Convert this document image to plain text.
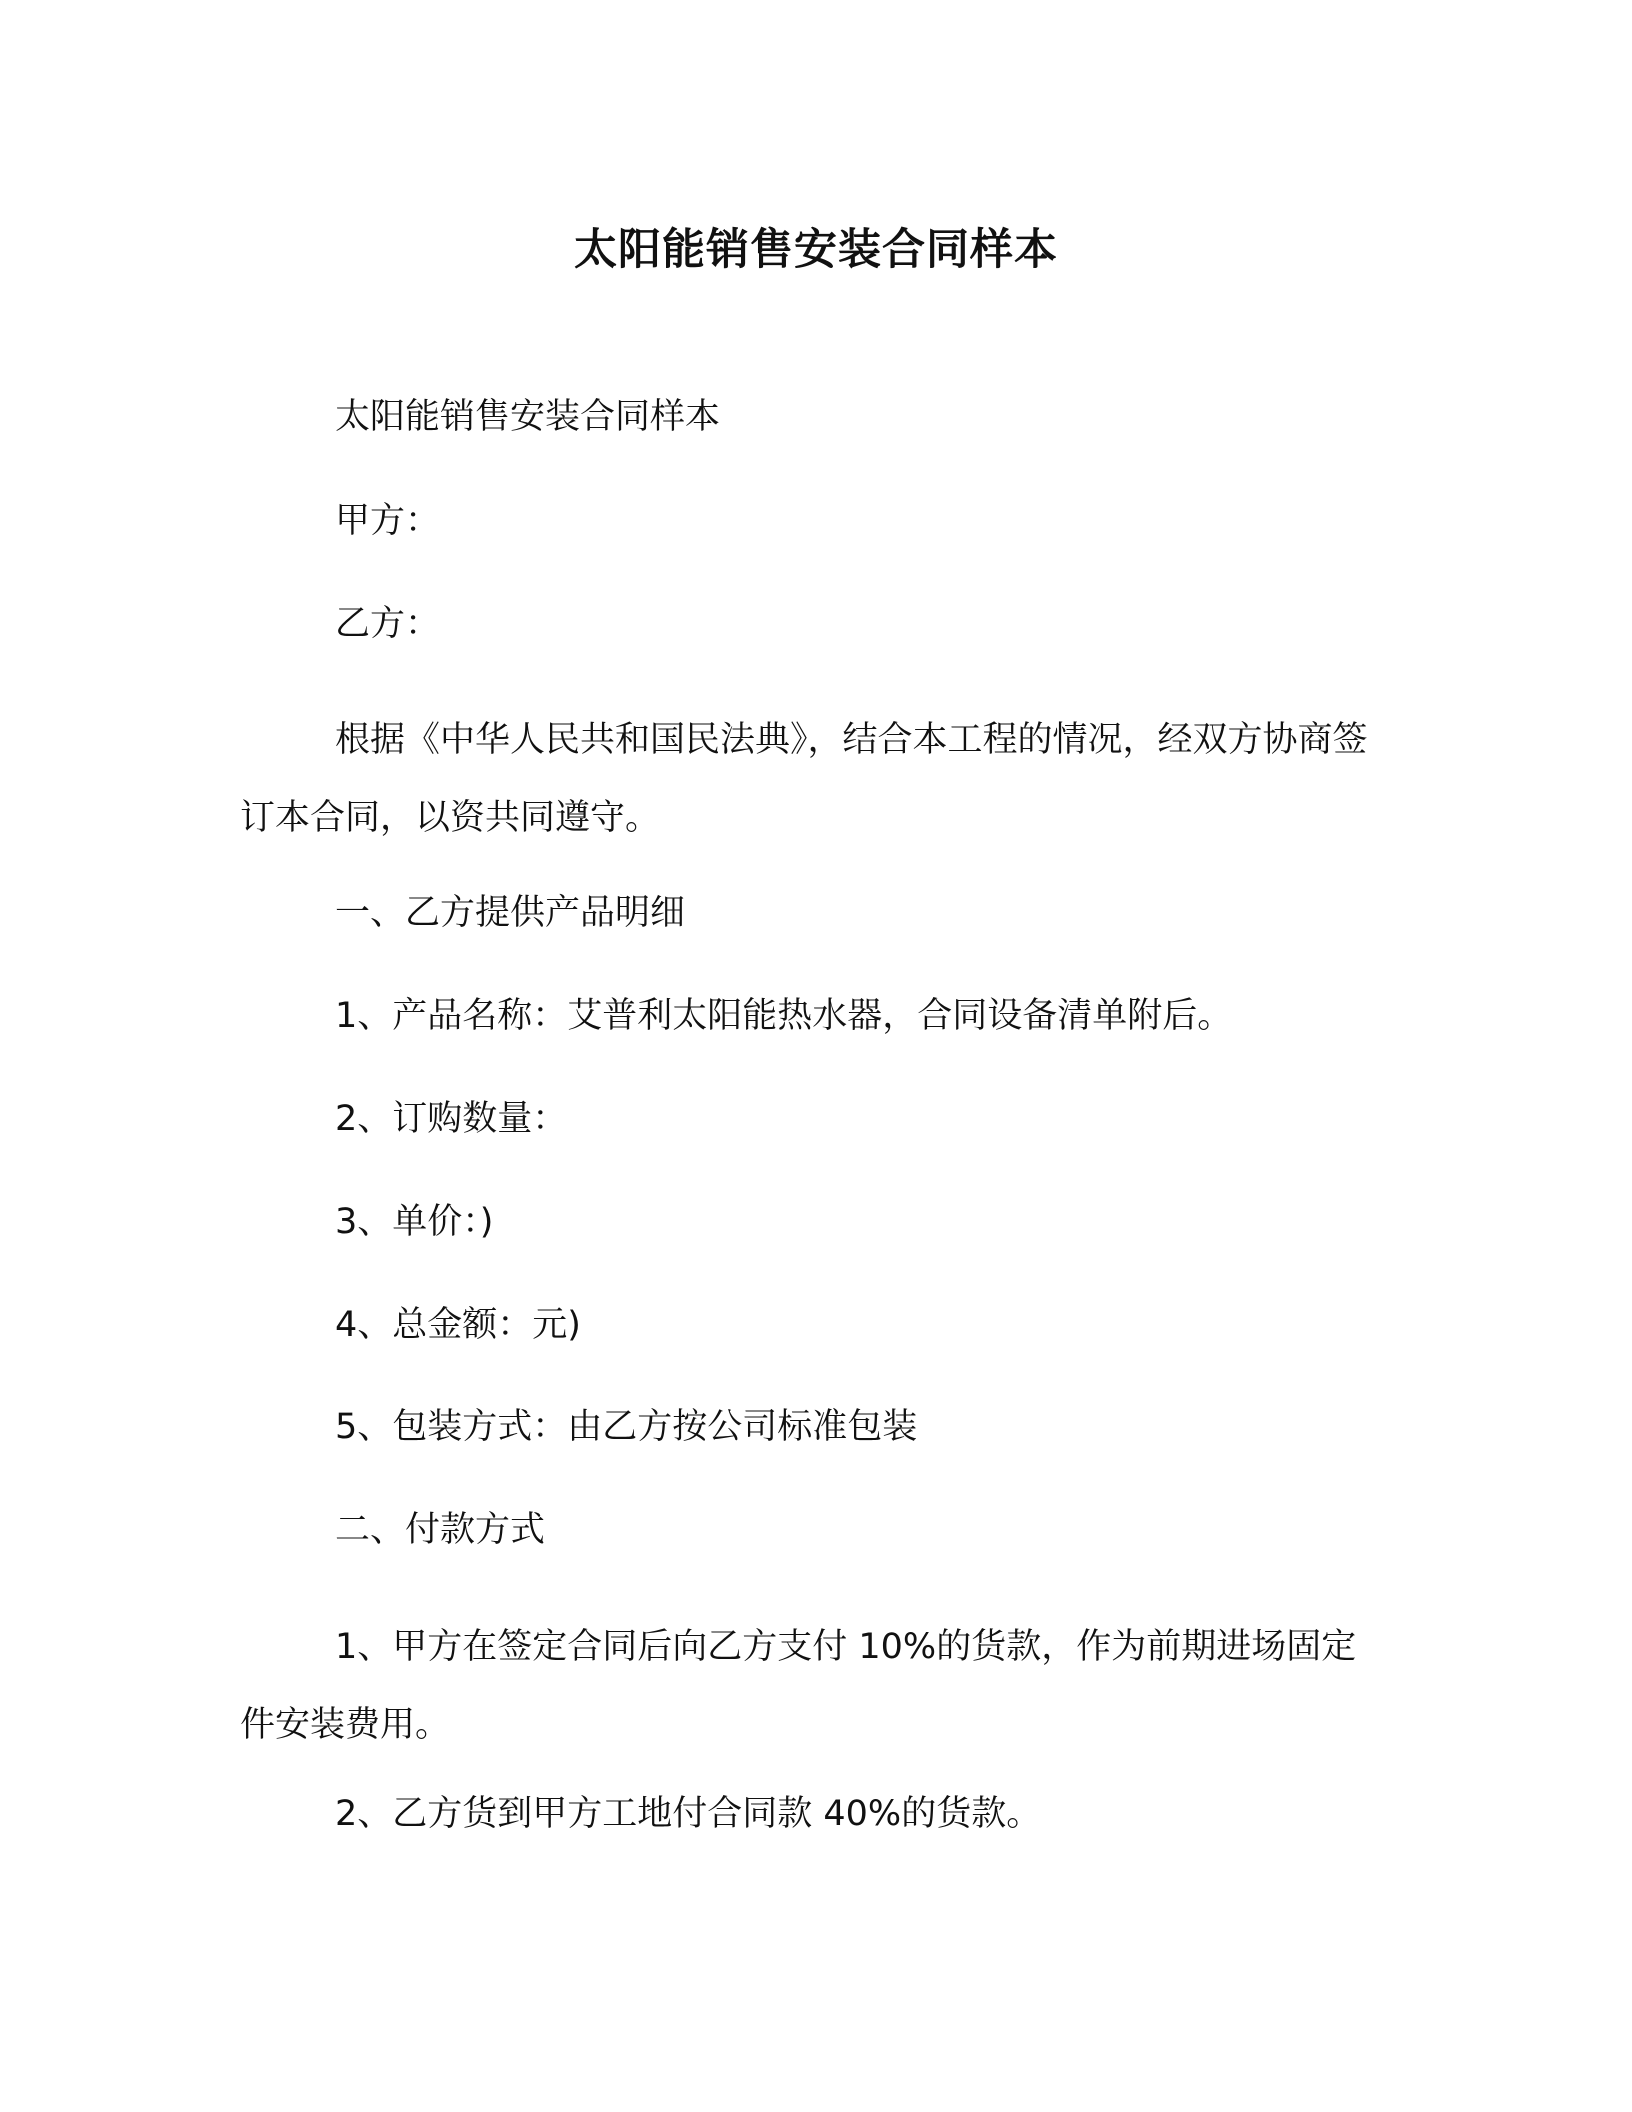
太阳能销售安装合同样本

太阳能销售安装合同样本

甲方：

乙方：

根据《中华人民共和国民法典》，结合本工程的情况，经双方协商签订本合同，以资共同遵守。

一、乙方提供产品明细

1、产品名称：艾普利太阳能热水器，合同设备清单附后。

2、订购数量：

3、单价：)

4、总金额：元)

5、包装方式：由乙方按公司标准包装

二、付款方式

1、甲方在签定合同后向乙方支付 10%的货款，作为前期进场固定件安装费用。

2、乙方货到甲方工地付合同款 40%的货款。
